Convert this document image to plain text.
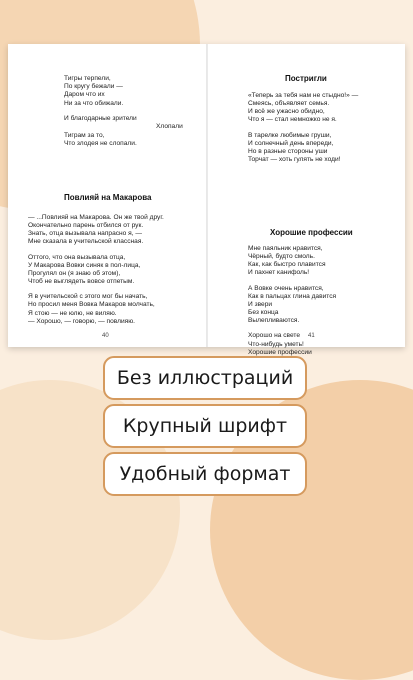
Тигры терпели,
По кругу бежали —
Даром что их
Ни за что обижали.
И благодарные зрители
Хлопали
Тиграм за то,
Что злодея не слопали.
Повлияй на Макарова
— ...Повлияй на Макарова. Он же твой друг.
Окончательно парень отбился от рук.
Знать, отца вызывала напрасно я, —
Мне сказала в учительской классная.
Оттого, что она вызывала отца,
У Макарова Вовки синяк в пол-лица,
Прогулял он (я знаю об этом),
Чтоб не выглядеть вовсе отпетым.
Я в учительской с этого мог бы начать,
Но просил меня Вовка Макаров молчать,
Я стою — не юлю, не виляю.
— Хорошо, — говорю, — повлияю.
40
Постригли
«Теперь за тебя нам не стыдно!» —
Смеясь, объявляет семья.
И всё же ужасно обидно,
Что я — стал немножко не я.
В тарелке любимые груши,
И солнечный день впереди,
Но в разные стороны уши
Торчат — хоть гулять не ходи!
Хорошие профессии
Мне паяльник нравится,
Чёрный, будто смоль.
Как, как быстро плавится
И пахнет канифоль!
А Вовке очень нравится,
Как в пальцах глина давится
И звери
Без конца
Вылепливаются.
Хорошо на свете
Что-нибудь уметь!
Хорошие профессии
41
Без иллюстраций
Крупный шрифт
Удобный формат
